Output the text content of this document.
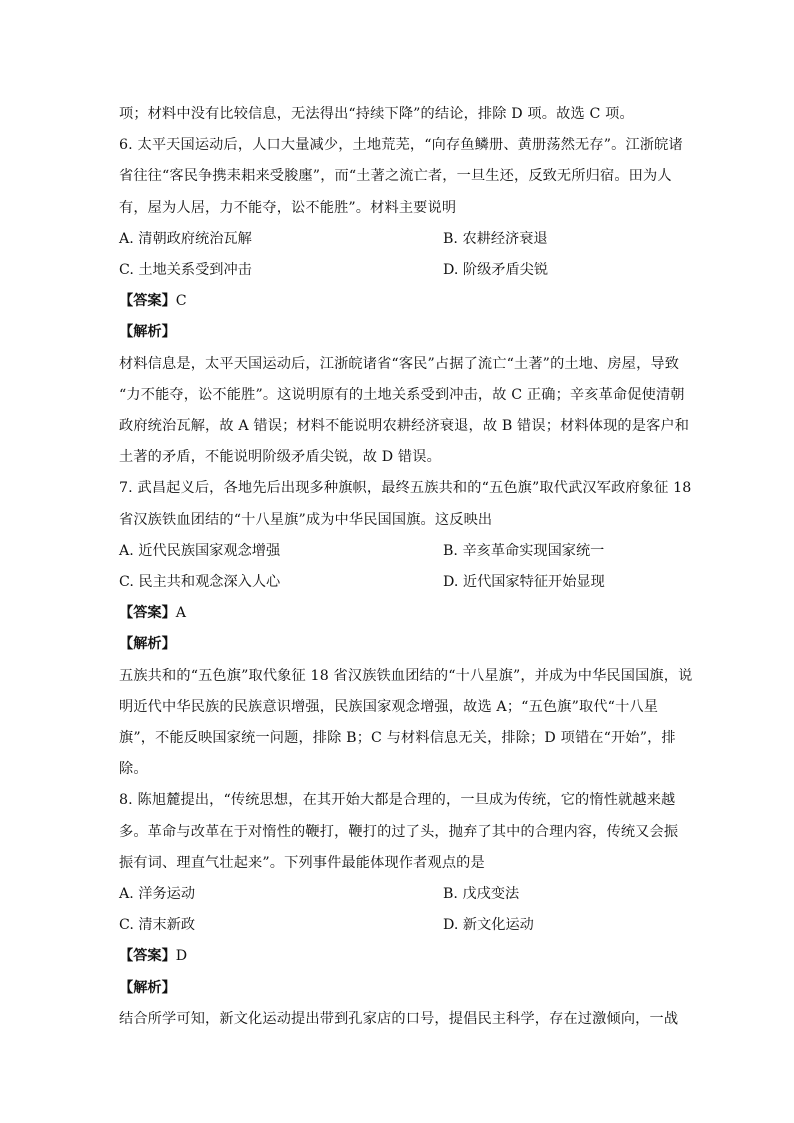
项；材料中没有比较信息，无法得出“持续下降”的结论，排除 D 项。故选 C 项。
6. 太平天国运动后，人口大量减少，土地荒芜，“向存鱼鳞册、黄册荡然无存”。江浙皖诸
省往往“客民争携耒耜来受脧廛”，而“土著之流亡者，一旦生还，反致无所归宿。田为人
有，屋为人居，力不能夺，讼不能胜”。材料主要说明
A. 清朝政府统治瓦解	B. 农耕经济衰退
C. 土地关系受到冲击	D. 阶级矛盾尖锐
【答案】C
【解析】
材料信息是，太平天国运动后，江浙皖诸省“客民”占据了流亡“土著”的土地、房屋，导致
“力不能夺，讼不能胜”。这说明原有的土地关系受到冲击，故 C 正确；辛亥革命促使清朝
政府统治瓦解，故 A 错误；材料不能说明农耕经济衰退，故 B 错误；材料体现的是客户和
土著的矛盾，不能说明阶级矛盾尖锐，故 D 错误。
7. 武昌起义后，各地先后出现多种旗帜，最终五族共和的“五色旗”取代武汉军政府象征 18
省汉族铁血团结的“十八星旗”成为中华民国国旗。这反映出
A. 近代民族国家观念增强	B. 辛亥革命实现国家统一
C. 民主共和观念深入人心	D. 近代国家特征开始显现
【答案】A
【解析】
五族共和的“五色旗”取代象征 18 省汉族铁血团结的“十八星旗”，并成为中华民国国旗，说
明近代中华民族的民族意识增强，民族国家观念增强，故选 A；“五色旗”取代“十八星
旗”，不能反映国家统一问题，排除 B；C 与材料信息无关，排除；D 项错在“开始”，排
除。
8. 陈旭麓提出，“传统思想，在其开始大都是合理的，一旦成为传统，它的惰性就越来越
多。革命与改革在于对惰性的鞭打，鞭打的过了头，抛弃了其中的合理内容，传统又会振
振有词、理直气壮起来”。下列事件最能体现作者观点的是
A. 洋务运动	B. 戊戌变法
C. 清末新政	D. 新文化运动
【答案】D
【解析】
结合所学可知，新文化运动提出带到孔家店的口号，提倡民主科学，存在过激倾向，一战
